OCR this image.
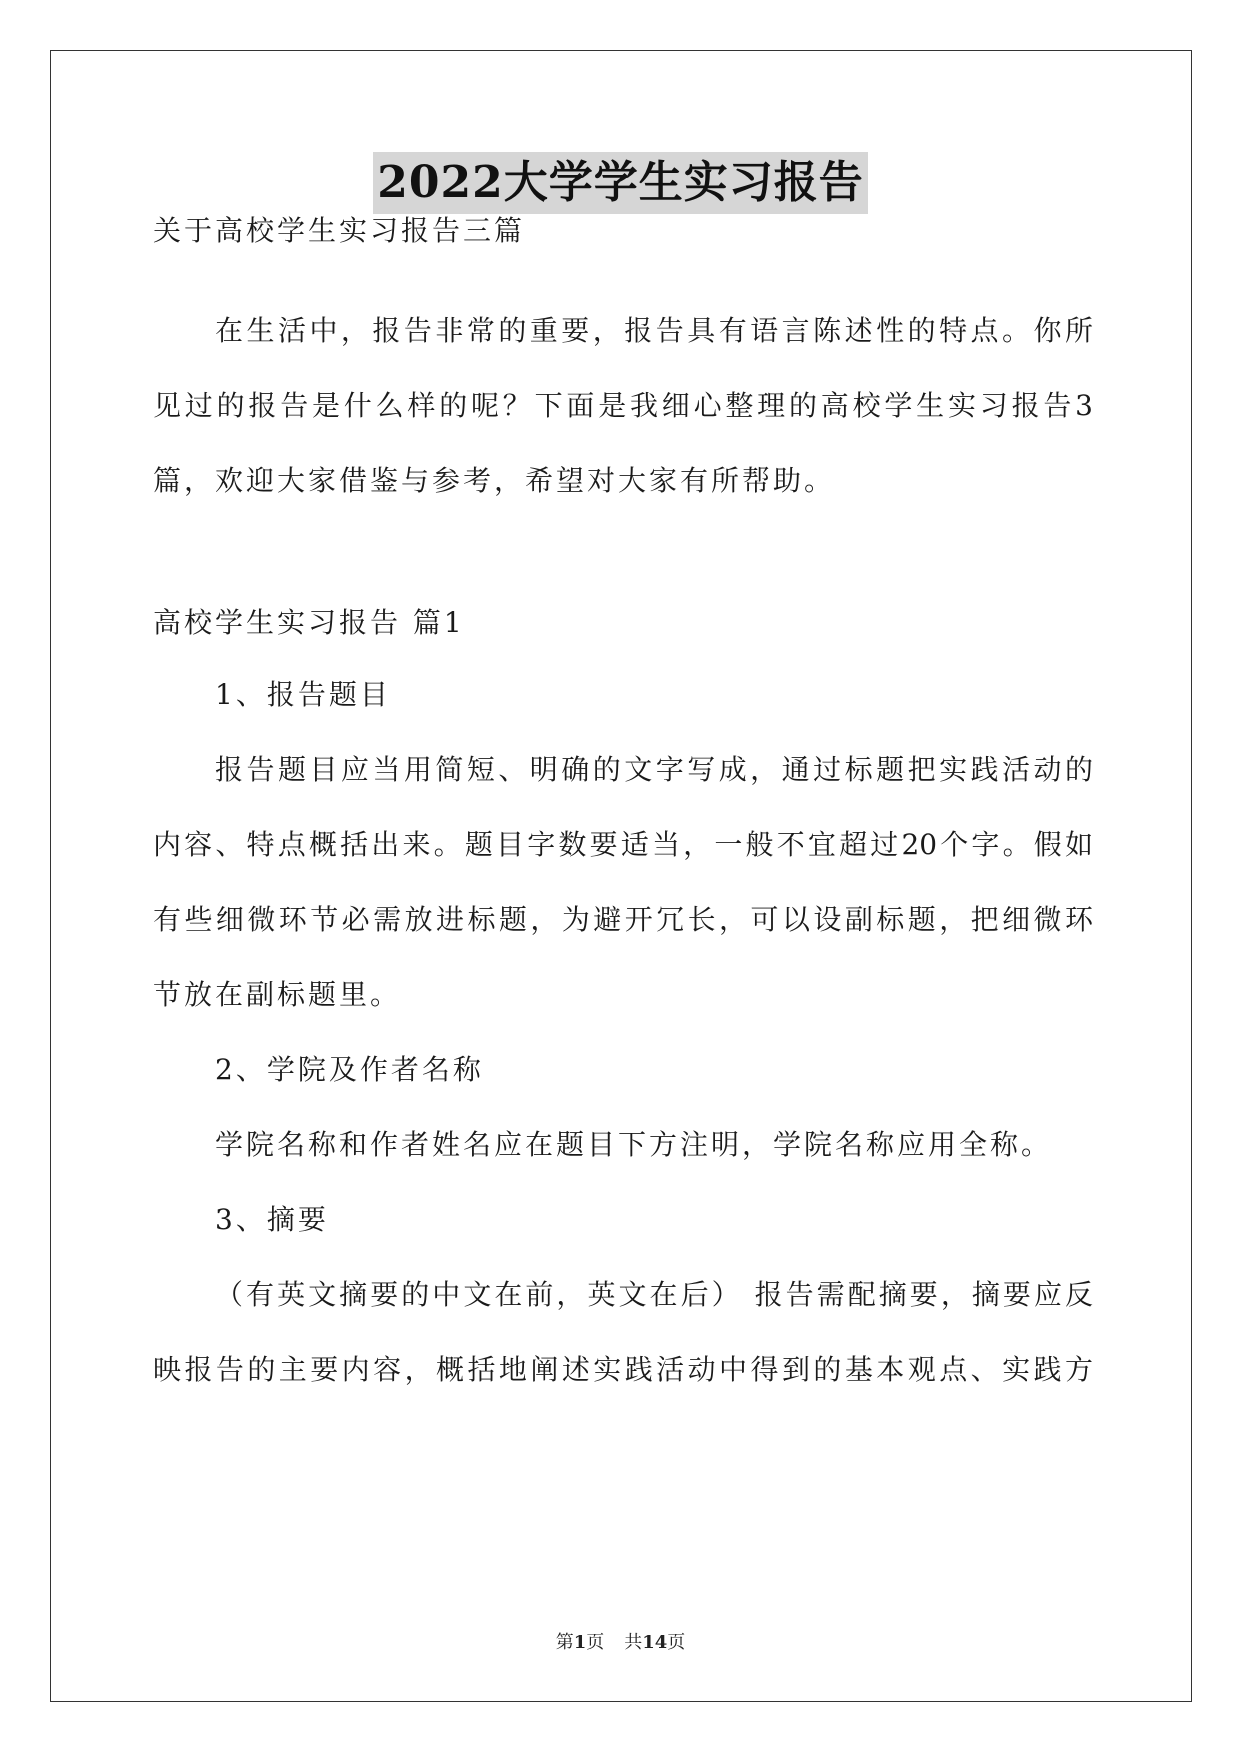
2022大学学生实习报告
关于高校学生实习报告三篇
在生活中，报告非常的重要，报告具有语言陈述性的特点。你所
见过的报告是什么样的呢？下面是我细心整理的高校学生实习报告3
篇，欢迎大家借鉴与参考，希望对大家有所帮助。
高校学生实习报告 篇1
1、报告题目
报告题目应当用简短、明确的文字写成，通过标题把实践活动的
内容、特点概括出来。题目字数要适当，一般不宜超过20个字。假如
有些细微环节必需放进标题，为避开冗长，可以设副标题，把细微环
节放在副标题里。
2、学院及作者名称
学院名称和作者姓名应在题目下方注明，学院名称应用全称。
3、摘要
（有英文摘要的中文在前，英文在后） 报告需配摘要，摘要应反
映报告的主要内容，概括地阐述实践活动中得到的基本观点、实践方
第1页 共14页
